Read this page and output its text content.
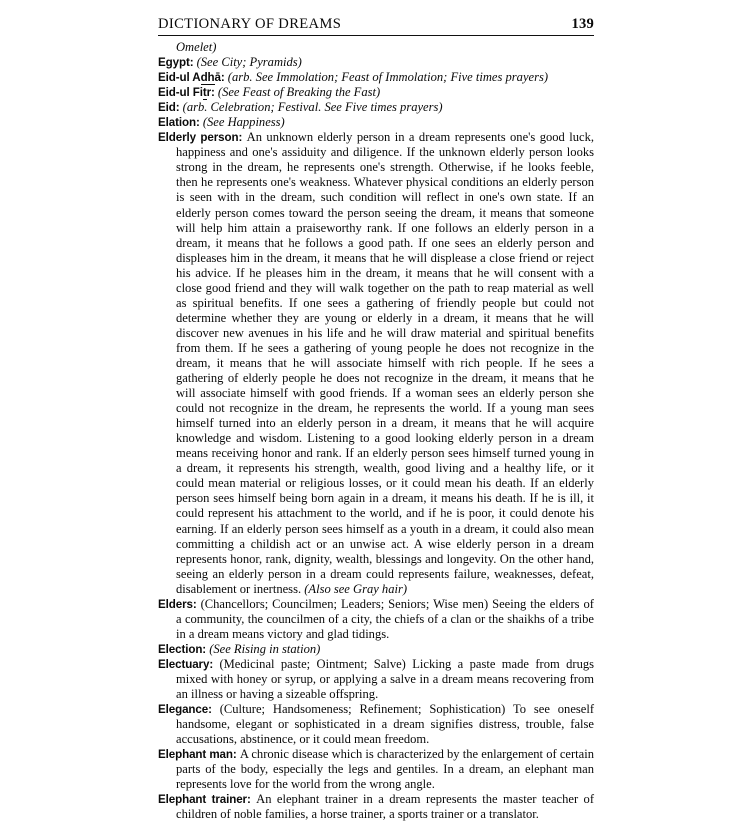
DICTIONARY OF DREAMS	139

Omelet)

Egypt: (See City; Pyramids)

Eid-ul Adhā: (arb. See Immolation; Feast of Immolation; Five times prayers)

Eid-ul Fitr: (See Feast of Breaking the Fast)

Eid: (arb. Celebration; Festival. See Five times prayers)

Elation: (See Happiness)

Elderly person: An unknown elderly person in a dream represents one's good luck, happiness and one's assiduity and diligence. If the unknown elderly person looks strong in the dream, he represents one's strength. Otherwise, if he looks feeble, then he represents one's weakness. Whatever physical conditions an elderly person is seen with in the dream, such condition will reflect in one's own state. If an elderly person comes toward the person seeing the dream, it means that someone will help him attain a praiseworthy rank. If one follows an elderly person in a dream, it means that he follows a good path. If one sees an elderly person and displeases him in the dream, it means that he will displease a close friend or reject his advice. If he pleases him in the dream, it means that he will consent with a close good friend and they will walk together on the path to reap material as well as spiritual benefits. If one sees a gathering of friendly people but could not determine whether they are young or elderly in a dream, it means that he will discover new avenues in his life and he will draw material and spiritual benefits from them. If he sees a gathering of young people he does not recognize in the dream, it means that he will associate himself with rich people. If he sees a gathering of elderly people he does not recognize in the dream, it means that he will associate himself with good friends. If a woman sees an elderly person she could not recognize in the dream, he represents the world. If a young man sees himself turned into an elderly person in a dream, it means that he will acquire knowledge and wisdom. Listening to a good looking elderly person in a dream means receiving honor and rank. If an elderly person sees himself turned young in a dream, it represents his strength, wealth, good living and a healthy life, or it could mean material or religious losses, or it could mean his death. If an elderly person sees himself being born again in a dream, it means his death. If he is ill, it could represent his attachment to the world, and if he is poor, it could denote his earning. If an elderly person sees himself as a youth in a dream, it could also mean committing a childish act or an unwise act. A wise elderly person in a dream represents honor, rank, dignity, wealth, blessings and longevity. On the other hand, seeing an elderly person in a dream could represents failure, weaknesses, defeat, disablement or inertness. (Also see Gray hair)

Elders: (Chancellors; Councilmen; Leaders; Seniors; Wise men) Seeing the elders of a community, the councilmen of a city, the chiefs of a clan or the shaikhs of a tribe in a dream means victory and glad tidings.

Election: (See Rising in station)

Electuary: (Medicinal paste; Ointment; Salve) Licking a paste made from drugs mixed with honey or syrup, or applying a salve in a dream means recovering from an illness or having a sizeable offspring.

Elegance: (Culture; Handsomeness; Refinement; Sophistication) To see oneself handsome, elegant or sophisticated in a dream signifies distress, trouble, false accusations, abstinence, or it could mean freedom.

Elephant man: A chronic disease which is characterized by the enlargement of certain parts of the body, especially the legs and gentiles. In a dream, an elephant man represents love for the world from the wrong angle.

Elephant trainer: An elephant trainer in a dream represents the master teacher of children of noble families, a horse trainer, a sports trainer or a translator.
